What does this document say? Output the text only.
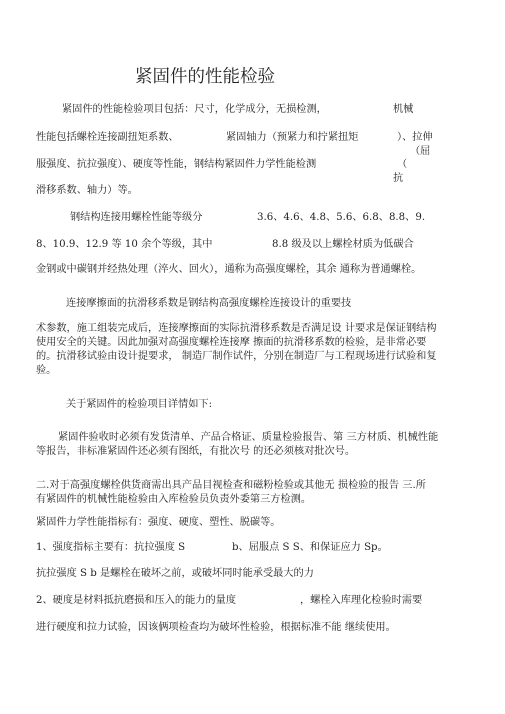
紧固件的性能检验
紧固件的性能检验项目包括：尺寸，化学成分，无损检测，	机械
性能包括螺栓连接副扭矩系数、	紧固轴力（预紧力和拧紧扭矩	）、拉伸
（屈
服强度、抗拉强度）、硬度等性能，钢结构紧固件力学性能检测	（
抗
滑移系数、轴力）等。
钢结构连接用螺栓性能等级分	3.6、4.6、4.8、5.6、6.8、8.8、9.
8、10.9、12.9 等 10 余个等级，其中	8.8 级及以上螺栓材质为低碳合
金钢或中碳钢并经热处理（淬火、回火），通称为高强度螺栓，其余 通称为普通螺栓。
连接摩擦面的抗滑移系数是钢结构高强度螺栓连接设计的重要技
术参数，施工组装完成后，连接摩擦面的实际抗滑移系数是否满足设 计要求是保证钢结构
使用安全的关键。因此加强对高强度螺栓连接摩 擦面的抗滑移系数的检验，是非常必要
的。抗滑移试验由设计提要求， 制造厂制作试件，分别在制造厂与工程现场进行试验和复
验。
关于紧固件的检验项目详情如下:
紧固件验收时必须有发货清单、产品合格证、质量检验报告、第 三方材质、机械性能
等报告，非标准紧固件还必须有图纸，有批次号 的还必须核对批次号。
二.对于高强度螺栓供货商需出具产品目视检查和磁粉检验或其他无 损检验的报告 三.所
有紧固件的机械性能检验由入库检验员负责外委第三方检测。
紧固件力学性能指标有：强度、硬度、塑性、脱碳等。
1、强度指标主要有：抗拉强度 S	b、屈服点 S S、和保证应力 Sp。
抗拉强度 S b 是螺栓在破坏之前，或破坏同时能承受最大的力
2、硬度是材料抵抗磨损和压入的能力的量度	，螺栓入库理化检验时需要
进行硬度和拉力试验，因该俩项检查均为破坏性检验，根据标准不能 继续使用。
